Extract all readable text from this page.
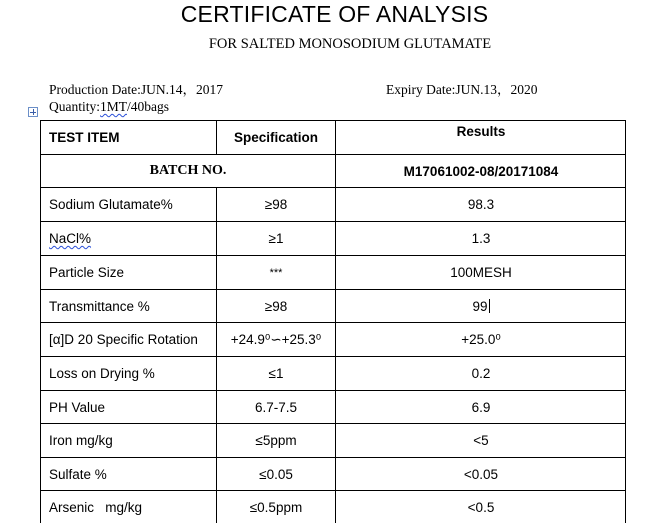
CERTIFICATE OF ANALYSIS
FOR SALTED MONOSODIUM GLUTAMATE
Production Date:JUN.14，2017	Expiry Date:JUN.13，2020
Quantity:1MT/40bags
TEST ITEM	Specification	Results
BATCH NO.	M17061002-08/20171084
Sodium Glutamate%	≥98	98.3
NaCl%	≥1	1.3
Particle Size	***	100MESH
Transmittance %	≥98	99
[α]D 20 Specific Rotation	+24.9⁰∽+25.3⁰	+25.0⁰
Loss on Drying %	≤1	0.2
PH Value	6.7-7.5	6.9
Iron mg/kg	≤5ppm	<5
Sulfate %	≤0.05	<0.05
Arsenic   mg/kg	≤0.5ppm	<0.5
